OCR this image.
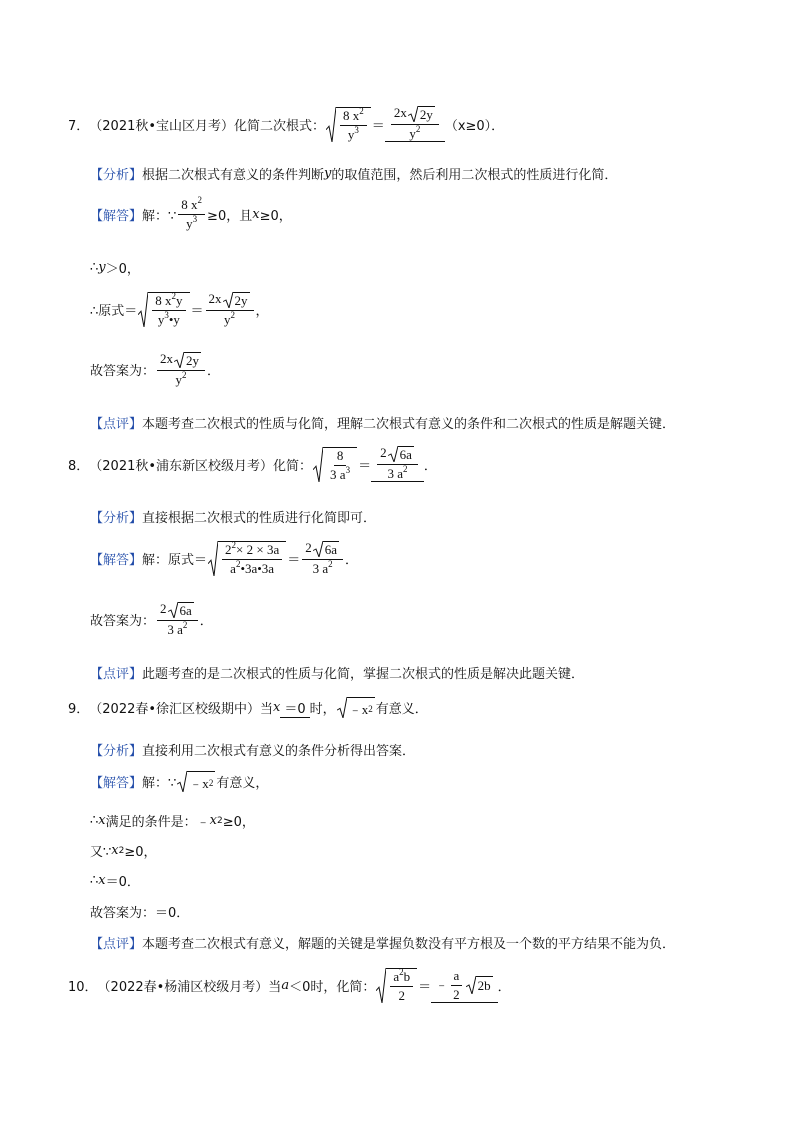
7． （2021秋•宝山区月考）化简二次根式： $\frac{8 x^2}{y^3} = \frac{2x 2y}{y^2} (x\ge 0)$．
【分析】 根据二次根式有意义的条件判断 y 的取值范围，然后利用二次根式的性质进行化简．
【解答】 解：∵ $\frac{8 x^2}{y^3} \ge 0$，且 x ≥0，
∴ y ＞0，
∴原式＝ $\frac{8 x^2y}{y^3•y} = \frac{2x 2y}{y^2}$ ，
故答案为： $\frac{2x 2y}{y^2}$ ．
【点评】 本题考查二次根式的性质与化简，理解二次根式有意义的条件和二次根式的性质是解题关键．
8． （2021秋•浦东新区校级月考）化简： $\frac{8}{3 a^3} = \frac{2 6a}{3 a^2}$ ．
【分析】 直接根据二次根式的性质进行化简即可．
【解答】 解：原式＝ $\frac{2^2\times 2 \times 3a}{a^2•3a•3a} = \frac{2 6a}{3 a^2}$ ．
故答案为： $\frac{2 6a}{3 a^2}$ ．
【点评】 此题考查的是二次根式的性质与化简，掌握二次根式的性质是解决此题关键．
9． （2022春•徐汇区校级期中）当 x ＝0 时， ﹣x 2 有意义．
【分析】 直接利用二次根式有意义的条件分析得出答案．
【解答】 解：∵ ﹣x 2 有意义，
∴ x 满足的条件是：﹣ x 2 ≥0，
又∵ x 2 ≥0，
∴ x ＝0．
故答案为：＝0．
【点评】 本题考查二次根式有意义，解题的关键是掌握负数没有平方根及一个数的平方结果不能为负．
10． （2022春•杨浦区校级月考）当 a ＜0时，化简： $\frac{a^2b}{2}$ ＝ ﹣ $\frac{a}{2} 2b$ ．
